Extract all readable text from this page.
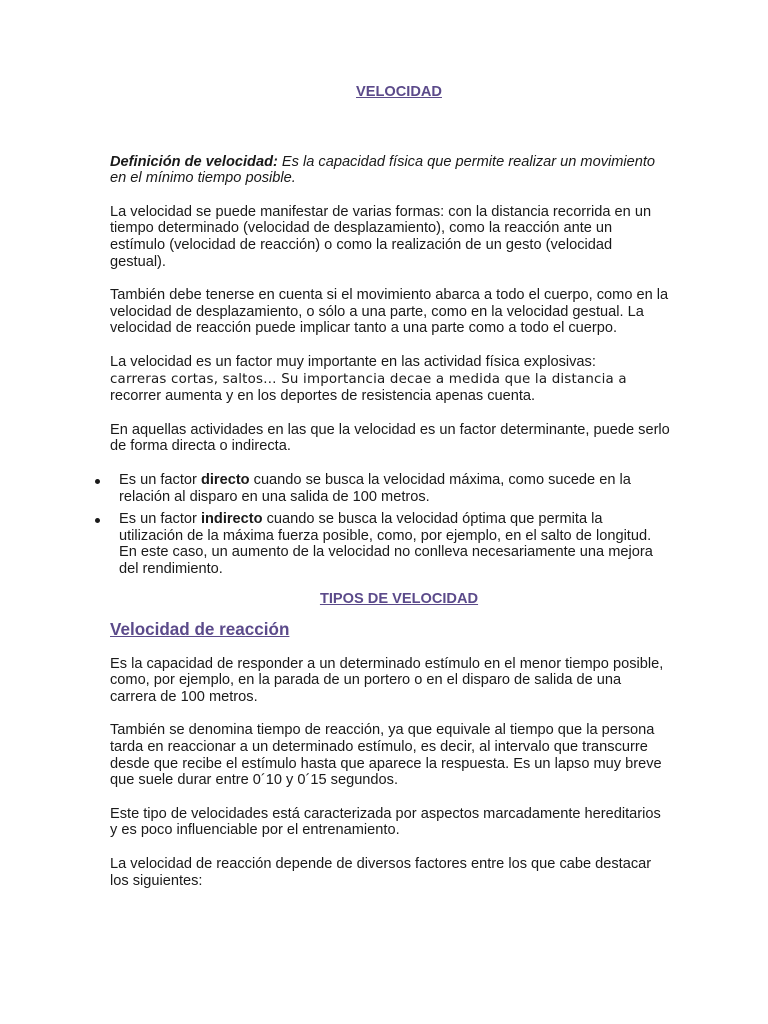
VELOCIDAD

Definición de velocidad: Es la capacidad física que permite realizar un movimiento en el mínimo tiempo posible.

La velocidad se puede manifestar de varias formas: con la distancia recorrida en un tiempo determinado (velocidad de desplazamiento), como la reacción ante un estímulo (velocidad de reacción) o como la realización de un gesto (velocidad gestual).

También debe tenerse en cuenta si el movimiento abarca a todo el cuerpo, como en la velocidad de desplazamiento, o sólo a una parte, como en la velocidad gestual. La velocidad de reacción puede implicar tanto a una parte como a todo el cuerpo.

La velocidad es un factor muy importante en las actividad física explosivas:
carreras cortas, saltos… Su importancia decae a medida que la distancia a recorrer aumenta y en los deportes de resistencia apenas cuenta.

En aquellas actividades en las que la velocidad es un factor determinante, puede serlo de forma directa o indirecta.

Es un factor directo cuando se busca la velocidad máxima, como sucede en la relación al disparo en una salida de 100 metros.
Es un factor indirecto cuando se busca la velocidad óptima que permita la utilización de la máxima fuerza posible, como, por ejemplo, en el salto de longitud. En este caso, un aumento de la velocidad no conlleva necesariamente una mejora del rendimiento.
TIPOS DE VELOCIDAD
Velocidad de reacción

Es la capacidad de responder a un determinado estímulo en el menor tiempo posible, como, por ejemplo, en la parada de un portero o en el disparo de salida de una carrera de 100 metros.

También se denomina tiempo de reacción, ya que equivale al tiempo que la persona tarda en reaccionar a un determinado estímulo, es decir, al intervalo que transcurre desde que recibe el estímulo hasta que aparece la respuesta. Es un lapso muy breve que suele durar entre 0´10 y 0´15 segundos.

Este tipo de velocidades está caracterizada por aspectos marcadamente hereditarios y es poco influenciable por el entrenamiento.

La velocidad de reacción depende de diversos factores entre los que cabe destacar los siguientes:
